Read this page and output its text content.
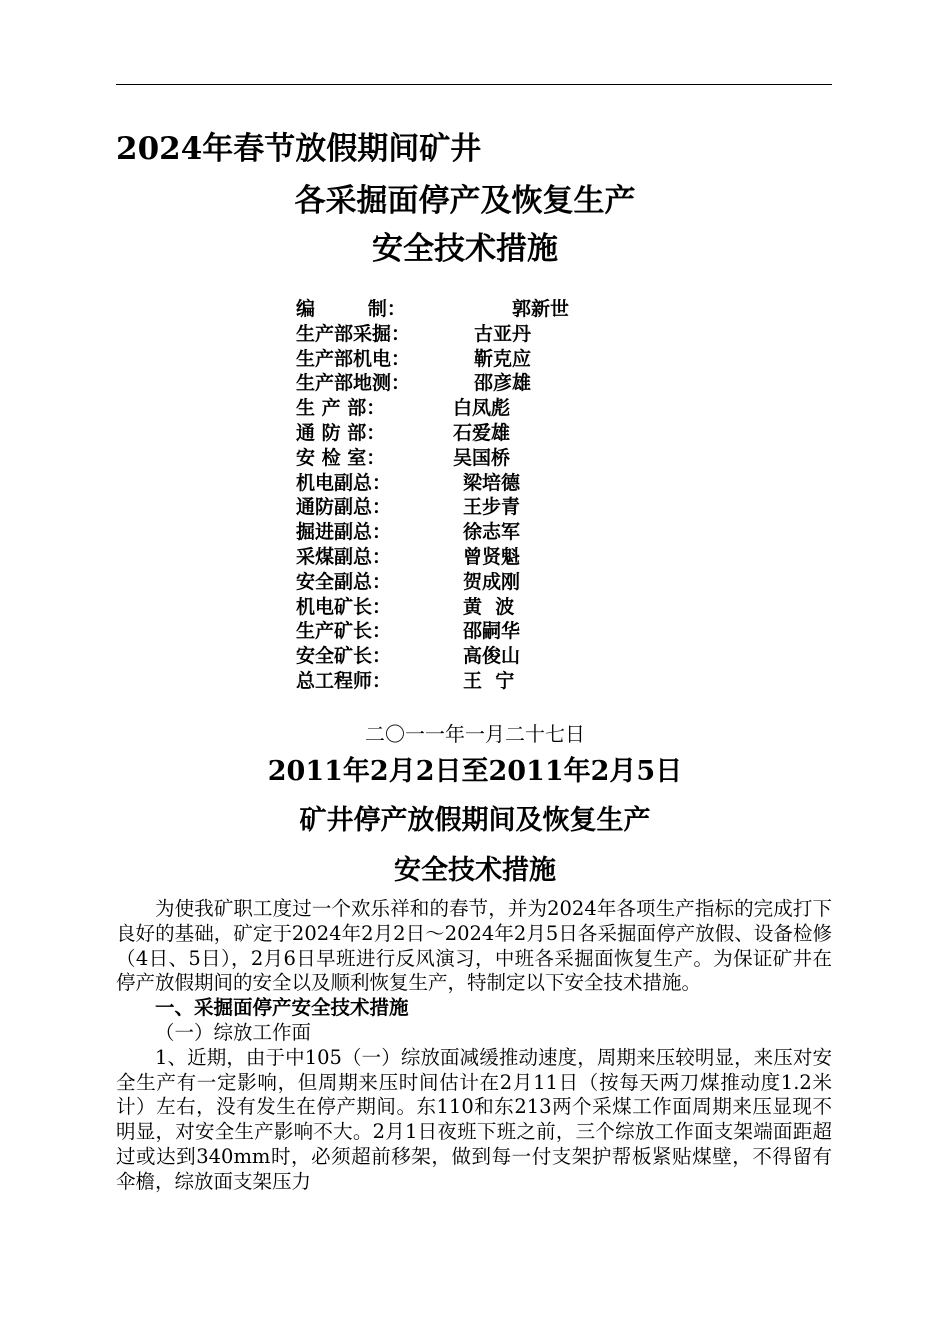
2024年春节放假期间矿井
各采掘面停产及恢复生产
安全技术措施
编        制：	郭新世
生产部采掘：	古亚丹
生产部机电：	靳克应
生产部地测：	邵彦雄
生 产 部：	白凤彪
通 防 部：	石爱雄
安 检 室：	吴国桥
机电副总：	梁培德
通防副总：	王步青
掘进副总：	徐志军
采煤副总：	曾贤魁
安全副总：	贺成刚
机电矿长：	黄  波
生产矿长：	邵嗣华
安全矿长：	高俊山
总工程师：	王  宁
二〇一一年一月二十七日
2011年2月2日至2011年2月5日
矿井停产放假期间及恢复生产
安全技术措施

为使我矿职工度过一个欢乐祥和的春节，并为2024年各项生产指标的完成打下良好的基础，矿定于2024年2月2日～2024年2月5日各采掘面停产放假、设备检修（4日、5日），2月6日早班进行反风演习，中班各采掘面恢复生产。为保证矿井在停产放假期间的安全以及顺利恢复生产，特制定以下安全技术措施。

一、采掘面停产安全技术措施

（一）综放工作面

1、近期，由于中105（一）综放面减缓推动速度，周期来压较明显，来压对安全生产有一定影响，但周期来压时间估计在2月11日（按每天两刀煤推动度1.2米计）左右，没有发生在停产期间。东110和东213两个采煤工作面周期来压显现不明显，对安全生产影响不大。2月1日夜班下班之前，三个综放工作面支架端面距超过或达到340mm时，必须超前移架，做到每一付支架护帮板紧贴煤壁，不得留有伞檐，综放面支架压力
